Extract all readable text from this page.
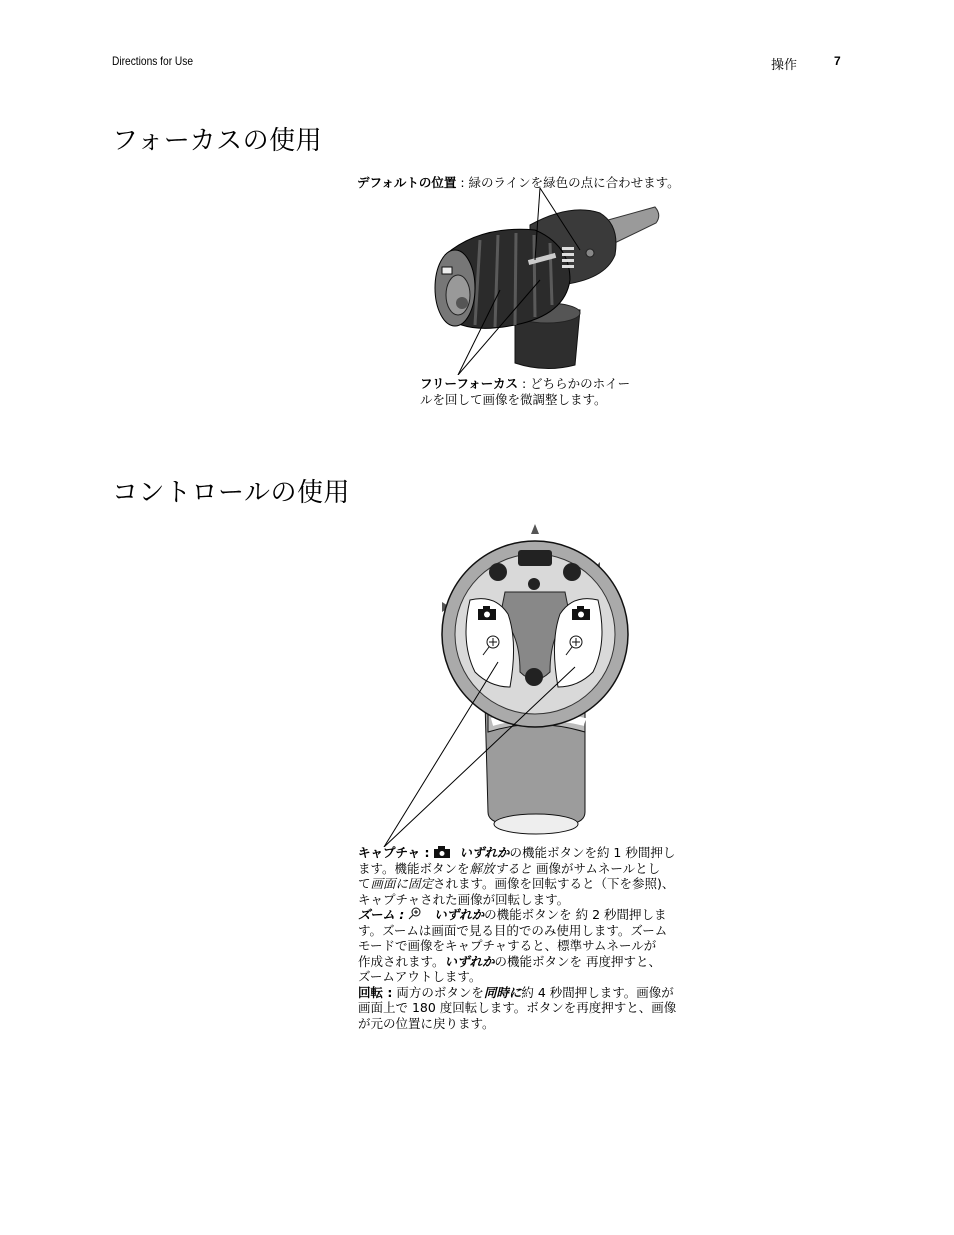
Directions for Use	操作	7
フォーカスの使用
デフォルトの位置 : 緑のラインを緑色の点に合わせます。
フリーフォーカス : どちらかのホイー
ルを回して画像を微調整します。
コントロールの使用

キャプチャ : いずれかの機能ボタンを約 1 秒間押し
ます。機能ボタンを解放すると 画像がサムネールとし
て画面に固定されます。画像を回転すると（下を参照)、
キャプチャされた画像が回転します。

ズーム : いずれかの機能ボタンを 約 2 秒間押しま
す。ズームは画面で見る目的でのみ使用します。ズーム
モードで画像をキャプチャすると、標準サムネールが
作成されます。いずれかの機能ボタンを 再度押すと、
ズームアウトします。

回転 : 両方のボタンを同時に約 4 秒間押します。画像が
画面上で 180 度回転します。ボタンを再度押すと、画像
が元の位置に戻ります。
